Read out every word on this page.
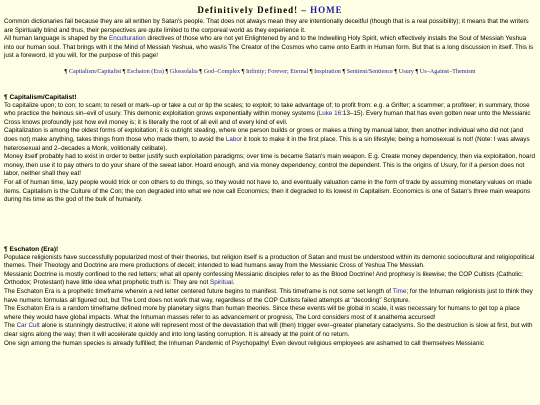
Definitively Defined! – HOME

Common dictionaries fail because they are all written by Satan's people. That does not always mean they are intentionally deceitful (though that is a real possibility); it means that the writers are Spiritually blind and thus, their perspectives are quite limited to the corporeal world as they experience it.

All human language is shaped by the Enculturation directives of those who are not yet Enlightened by and to the Indwelling Holy Spirit, which effectively installs the Soul of Messiah Yeshua into our human soul. That brings with it the Mind of Messiah Yeshua, who was/is The Creator of the Cosmos who came onto Earth in Human form. But that is a long discussion in itself. This is just a foreword, id you will, for the purpose of this page!

¶ Capitalism/Capitalist ¶ Eschaton (Era) ¶ Glossolalia ¶ God–Complex ¶ Infinity; Forever; Eternal ¶ Inspiration ¶ Sentient/Sentience ¶ Usury ¶ Us–Against–Themism
¶ Capitalism/Capitalist!

To capitalize upon; to con; to scam; to resell or mark–up or take a cut or tip the scales; to exploit; to take advantage of; to profit from: e.g. a Grifter; a scammer; a profiteer; in summary, those who practice the heinous sin–evil of usury. This demonic exploitation grows exponentially within money systems (Luke 16:13–15). Every human that has even gotten near unto the Messianic Cross knows profoundly just how evil money is; it is literally the root of all evil and of every kind of evil.

Capitalization is among the oldest forms of exploitation; it is outright stealing, where one person builds or grows or makes a thing by manual labor, then another individual who did not (and does not) make anything, takes things from those who made them, to avoid the Labor it took to make it in the first place. This is a sin lifestyle; being a homosexual is not! (Note: I was always heterosexual and 2–decades a Monk, volitionally celibate).

Money itself probably had to exist in order to better justify such exploitation paradigms; over time is became Satan's main weapon. E.g. Create money dependency, then via exploitation, hoard money, then use it to pay others to do your share of the sweat labor. Hoard enough, and via money dependency, control the dependent. This is the origins of Usury, for if a person does not labor, neither shall they eat!

For all of human time, lazy people would trick or con others to do things, so they would not have to, and eventually valuation came in the form of trade by assuming monetary values on made items. Capitalism is the Culture of the Con; the con degraded into what we now call Economics; then it degraded to its lowest in Capitalism. Economics is one of Satan's three main weapons during his time as the god of the bulk of humanity.

¶ Eschaton (Era)!

Populace religionists have successfully popularized most of their theories, but religion itself is a production of Satan and must be understood within its demonic sociocultural and religiopolitical themes. Their Theology and Doctrine are mere productions of deceit; intended to lead humans away from the Messianic Cross of Yeshua The Messiah.

Messianic Doctrine is mostly confined to the red letters; what all openly confessing Messianic disciples refer to as the Blood Doctrine! And prophesy is likewise; the COP Cultists (Catholic; Orthodox; Protestant) have little idea what prophetic truth is: They are not Spiritual.

The Eschaton Era is a prophetic timeframe wherein a red letter centered future begins to manifest. This timeframe is not some set length of Time; for the Inhuman religionists just to think they have numeric formulas all figured out, but The Lord does not work that way, regardless of the COP Cultists failed attempts at "decoding" Scripture.

The Eschaton Era is a random timeframe defined more by planetary signs than human theories. Since these events will be global in scale, it was necessary for humans to get top a place where they would have global impacts. What the Inhuman masses refer to as advancement or progress, The Lord considers most of it anathema accursed!

The Car Cult alone is stunningly destructive; it alone will represent most of the devastation that will (then) trigger ever–greater planetary cataclysms. So the destruction is slow at first, but with clear signs along the way; then it will accelerate quickly and into long lasting corruption. It is already at the point of no return.

One sign among the human species is already fulfilled; the Inhuman Pandemic of Psychopathy! Even devout religious employees are ashamed to call themselves Messianic
